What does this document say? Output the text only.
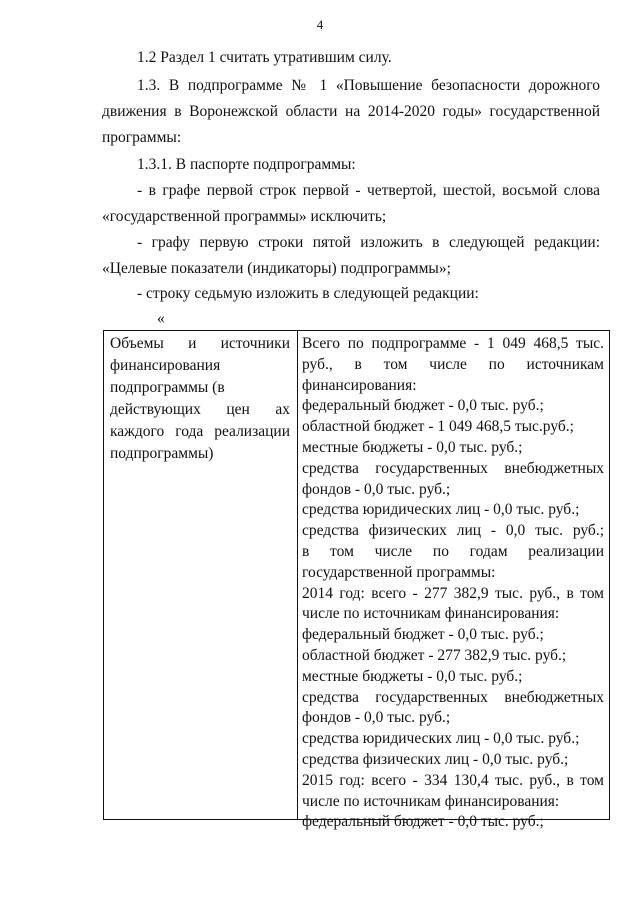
4
1.2 Раздел 1 считать утратившим силу.
1.3. В подпрограмме № 1 «Повышение безопасности дорожного
движения в Воронежской области на 2014-2020 годы» государственной
программы:
1.3.1. В паспорте подпрограммы:
- в графе первой строк первой - четвертой, шестой, восьмой слова
«государственной программы» исключить;
- графу первую строки пятой изложить в следующей редакции:
«Целевые показатели (индикаторы) подпрограммы»;
- строку седьмую изложить в следующей редакции:
«
Объемы и источники
финансирования
подпрограммы (в
действующих цен ах
каждого года реализации
подпрограммы)
Всего по подпрограмме - 1 049 468,5 тыс.
руб., в том числе по источникам
финансирования:
федеральный бюджет - 0,0 тыс. руб.;
областной бюджет - 1 049 468,5 тыс.руб.;
местные бюджеты - 0,0 тыс. руб.;
средства государственных внебюджетных
фондов - 0,0 тыс. руб.;
средства юридических лиц - 0,0 тыс. руб.;
средства физических лиц - 0,0 тыс. руб.;
в том числе по годам реализации
государственной программы:
2014 год: всего - 277 382,9 тыс. руб., в том
числе по источникам финансирования:
федеральный бюджет - 0,0 тыс. руб.;
областной бюджет - 277 382,9 тыс. руб.;
местные бюджеты - 0,0 тыс. руб.;
средства государственных внебюджетных
фондов - 0,0 тыс. руб.;
средства юридических лиц - 0,0 тыс. руб.;
средства физических лиц - 0,0 тыс. руб.;
2015 год: всего - 334 130,4 тыс. руб., в том
числе по источникам финансирования:
федеральный бюджет - 0,0 тыс. руб.;
